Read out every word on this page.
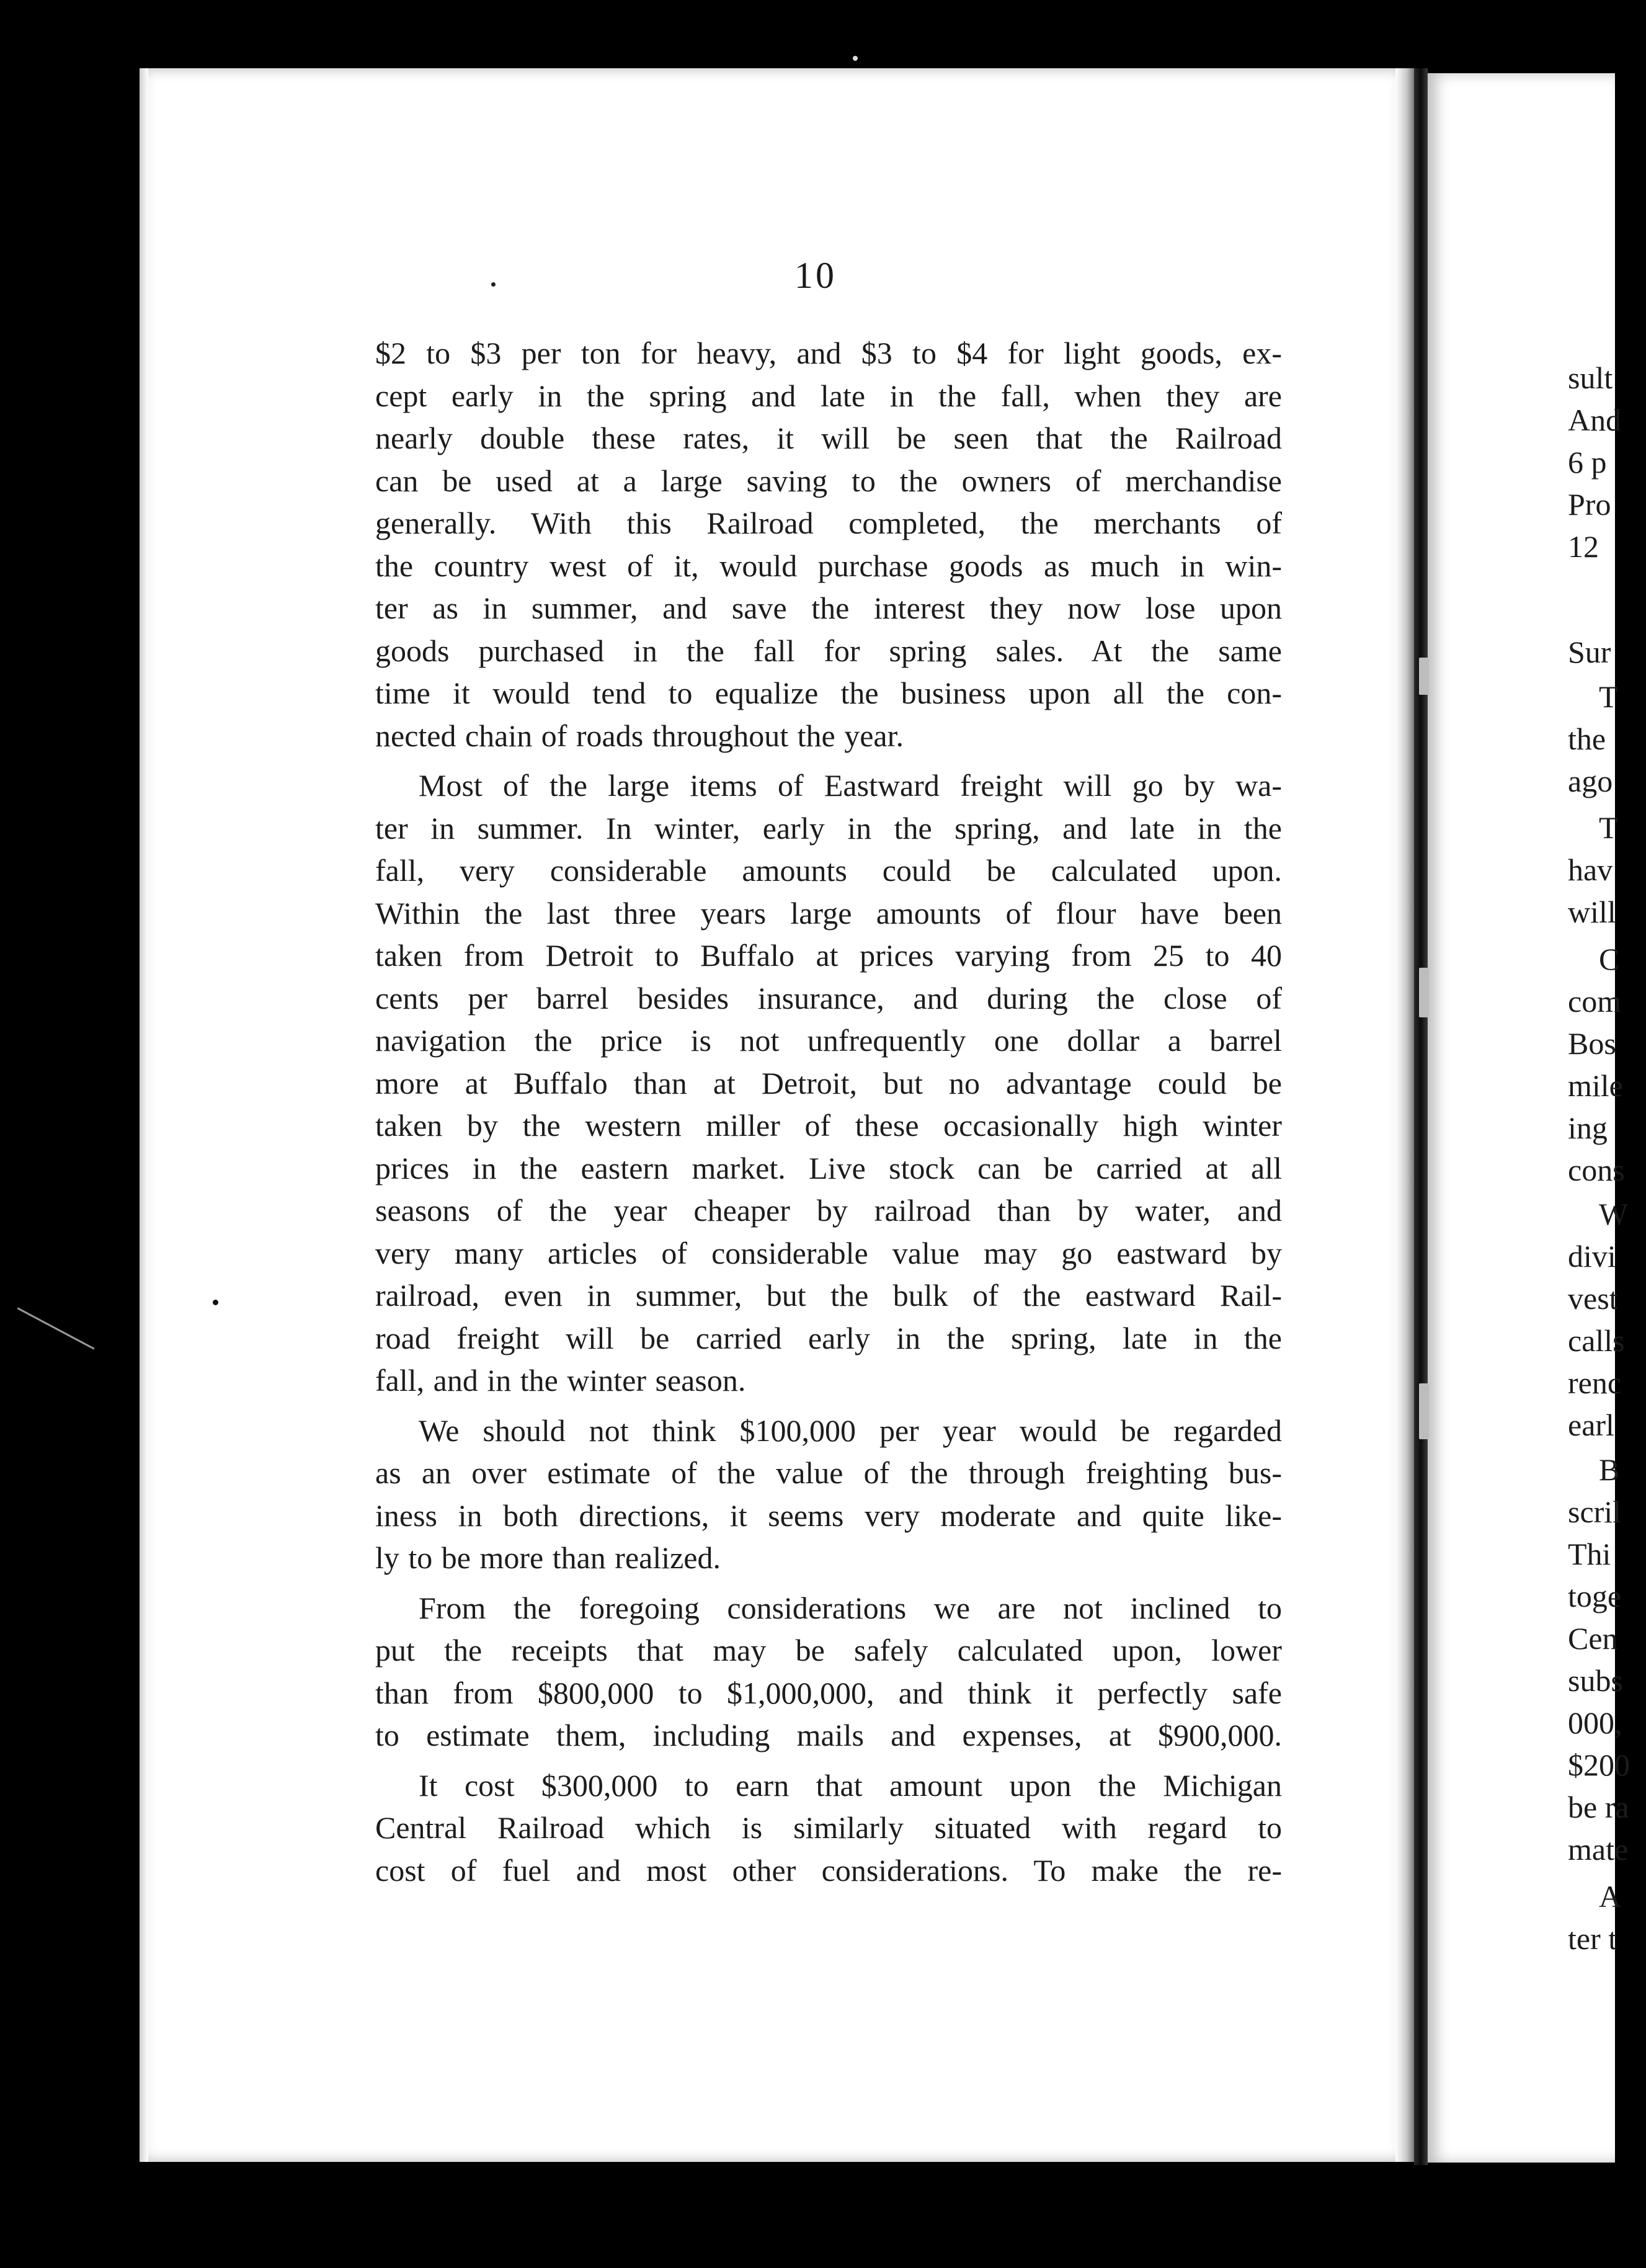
10
$2 to $3 per ton for heavy, and $3 to $4 for light goods, ex-
cept early in the spring and late in the fall, when they are
nearly double these rates, it will be seen that the Railroad
can be used at a large saving to the owners of merchandise
generally. With this Railroad completed, the merchants of
the country west of it, would purchase goods as much in win-
ter as in summer, and save the interest they now lose upon
goods purchased in the fall for spring sales. At the same
time it would tend to equalize the business upon all the con-
nected chain of roads throughout the year.
Most of the large items of Eastward freight will go by wa-
ter in summer. In winter, early in the spring, and late in the
fall, very considerable amounts could be calculated upon.
Within the last three years large amounts of flour have been
taken from Detroit to Buffalo at prices varying from 25 to 40
cents per barrel besides insurance, and during the close of
navigation the price is not unfrequently one dollar a barrel
more at Buffalo than at Detroit, but no advantage could be
taken by the western miller of these occasionally high winter
prices in the eastern market. Live stock can be carried at all
seasons of the year cheaper by railroad than by water, and
very many articles of considerable value may go eastward by
railroad, even in summer, but the bulk of the eastward Rail-
road freight will be carried early in the spring, late in the
fall, and in the winter season.
We should not think $100,000 per year would be regarded
as an over estimate of the value of the through freighting bus-
iness in both directions, it seems very moderate and quite like-
ly to be more than realized.
From the foregoing considerations we are not inclined to
put the receipts that may be safely calculated upon, lower
than from $800,000 to $1,000,000, and think it perfectly safe
to estimate them, including mails and expenses, at $900,000.
It cost $300,000 to earn that amount upon the Michigan
Central Railroad which is similarly situated with regard to
cost of fuel and most other considerations. To make the re-
sult
And
6 p
Pro
12
Sur
T
the
ago
T
hav
will
C
com
Bos
mile
ing
cons
W
divi
vest
calls
renc
earl
B
scril
Thi
toge
Cen
subs
000,
$200
be ra
mate
A
ter t
